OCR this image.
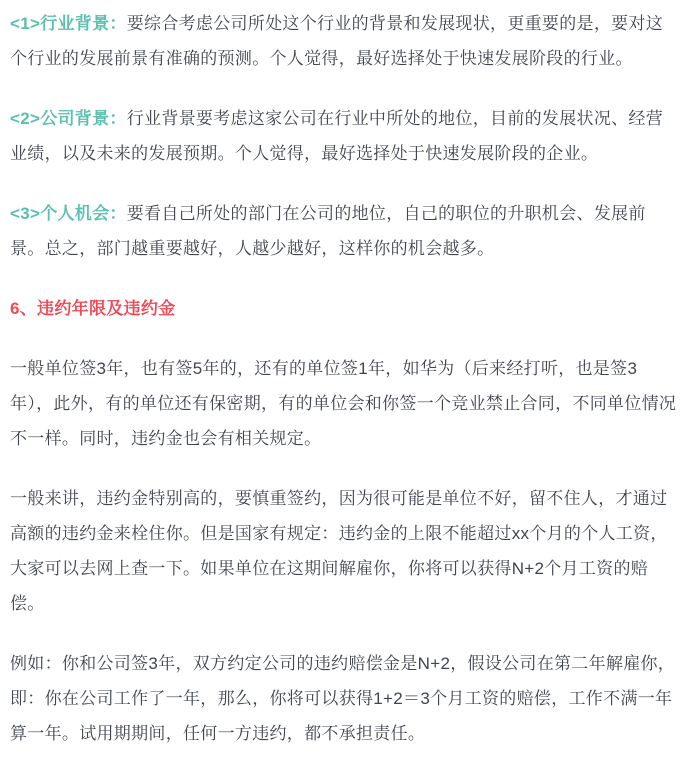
<1>行业背景：要综合考虑公司所处这个行业的背景和发展现状，更重要的是，要对这个行业的发展前景有准确的预测。个人觉得，最好选择处于快速发展阶段的行业。

<2>公司背景：行业背景要考虑这家公司在行业中所处的地位，目前的发展状况、经营业绩，以及未来的发展预期。个人觉得，最好选择处于快速发展阶段的企业。

<3>个人机会：要看自己所处的部门在公司的地位，自己的职位的升职机会、发展前景。总之，部门越重要越好，人越少越好，这样你的机会越多。

6、违约年限及违约金

一般单位签3年，也有签5年的，还有的单位签1年，如华为（后来经打听，也是签3年），此外，有的单位还有保密期，有的单位会和你签一个竞业禁止合同，不同单位情况不一样。同时，违约金也会有相关规定。

一般来讲，违约金特别高的，要慎重签约，因为很可能是单位不好，留不住人，才通过高额的违约金来栓住你。但是国家有规定：违约金的上限不能超过xx个月的个人工资，大家可以去网上查一下。如果单位在这期间解雇你，你将可以获得N+2个月工资的赔偿。

例如：你和公司签3年，双方约定公司的违约赔偿金是N+2，假设公司在第二年解雇你，即：你在公司工作了一年，那么，你将可以获得1+2＝3个月工资的赔偿，工作不满一年算一年。试用期期间，任何一方违约，都不承担责任。
